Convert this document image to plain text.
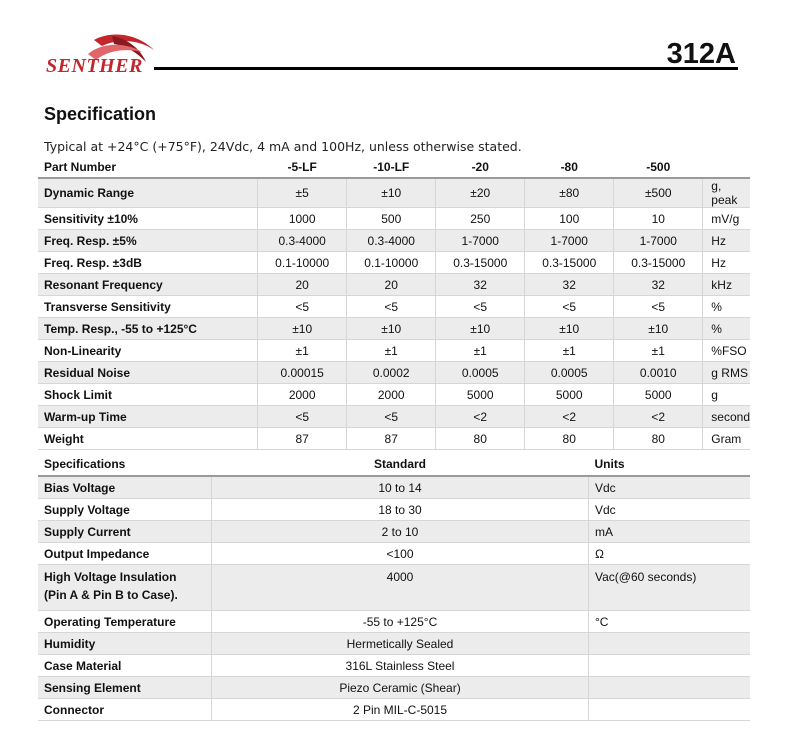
SENTHER	312A
Specification
Typical at +24°C (+75°F), 24Vdc, 4 mA and 100Hz, unless otherwise stated.
Part Number	-5-LF	-10-LF	-20	-80	-500	
Dynamic Range	±5	±10	±20	±80	±500	g, peak
Sensitivity ±10%	1000	500	250	100	10	mV/g
Freq. Resp. ±5%	0.3-4000	0.3-4000	1-7000	1-7000	1-7000	Hz
Freq. Resp. ±3dB	0.1-10000	0.1-10000	0.3-15000	0.3-15000	0.3-15000	Hz
Resonant Frequency	20	20	32	32	32	kHz
Transverse Sensitivity	<5	<5	<5	<5	<5	%
Temp. Resp., -55 to +125°C	±10	±10	±10	±10	±10	%
Non-Linearity	±1	±1	±1	±1	±1	%FSO
Residual Noise	0.00015	0.0002	0.0005	0.0005	0.0010	g RMS
Shock Limit	2000	2000	5000	5000	5000	g
Warm-up Time	<5	<5	<2	<2	<2	second
Weight	87	87	80	80	80	Gram
Specifications	Standard	Units
Bias Voltage	10 to 14	Vdc
Supply Voltage	18 to 30	Vdc
Supply Current	2 to 10	mA
Output Impedance	<100	Ω

High Voltage Insulation
(Pin A & Pin B to Case).	4000	Vac(@60 seconds)
Operating Temperature	-55 to +125°C	°C
Humidity	Hermetically Sealed	
Case Material	316L Stainless Steel	
Sensing Element	Piezo Ceramic (Shear)	
Connector	2 Pin MIL-C-5015	
